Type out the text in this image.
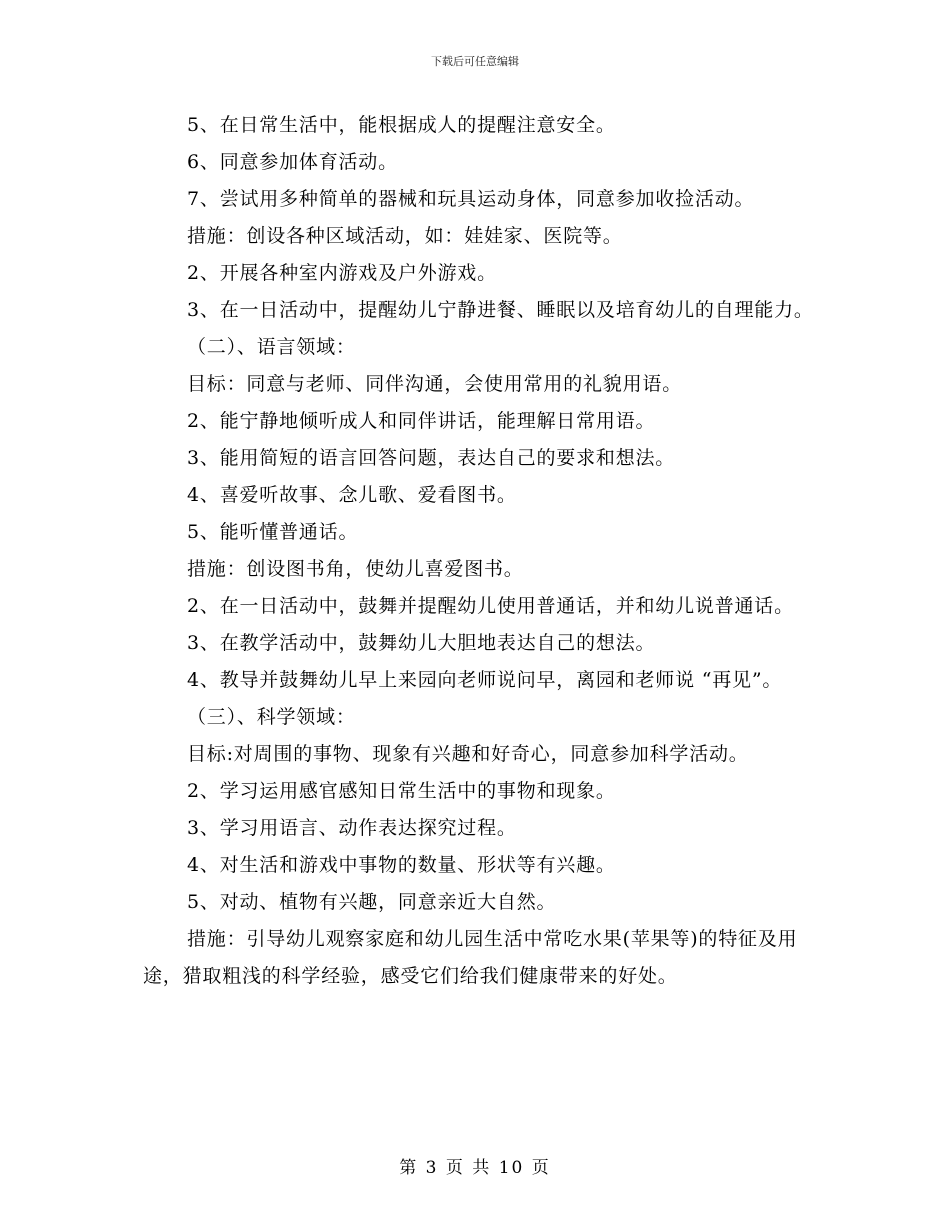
下载后可任意编辑

5、在日常生活中，能根据成人的提醒注意安全。

6、同意参加体育活动。

7、尝试用多种简单的器械和玩具运动身体，同意参加收捡活动。

措施：创设各种区域活动，如：娃娃家、医院等。

2、开展各种室内游戏及户外游戏。

3、在一日活动中，提醒幼儿宁静进餐、睡眠以及培育幼儿的自理能力。

（二）、语言领域：

目标：同意与老师、同伴沟通，会使用常用的礼貌用语。

2、能宁静地倾听成人和同伴讲话，能理解日常用语。

3、能用简短的语言回答问题，表达自己的要求和想法。

4、喜爱听故事、念儿歌、爱看图书。

5、能听懂普通话。

措施：创设图书角，使幼儿喜爱图书。

2、在一日活动中，鼓舞并提醒幼儿使用普通话，并和幼儿说普通话。

3、在教学活动中，鼓舞幼儿大胆地表达自己的想法。

4、教导并鼓舞幼儿早上来园向老师说问早，离园和老师说 “再见”。

（三）、科学领域：

目标:对周围的事物、现象有兴趣和好奇心，同意参加科学活动。

2、学习运用感官感知日常生活中的事物和现象。

3、学习用语言、动作表达探究过程。

4、对生活和游戏中事物的数量、形状等有兴趣。

5、对动、植物有兴趣，同意亲近大自然。

措施：引导幼儿观察家庭和幼儿园生活中常吃水果(苹果等)的特征及用途，猎取粗浅的科学经验，感受它们给我们健康带来的好处。

第 3 页 共 10 页
